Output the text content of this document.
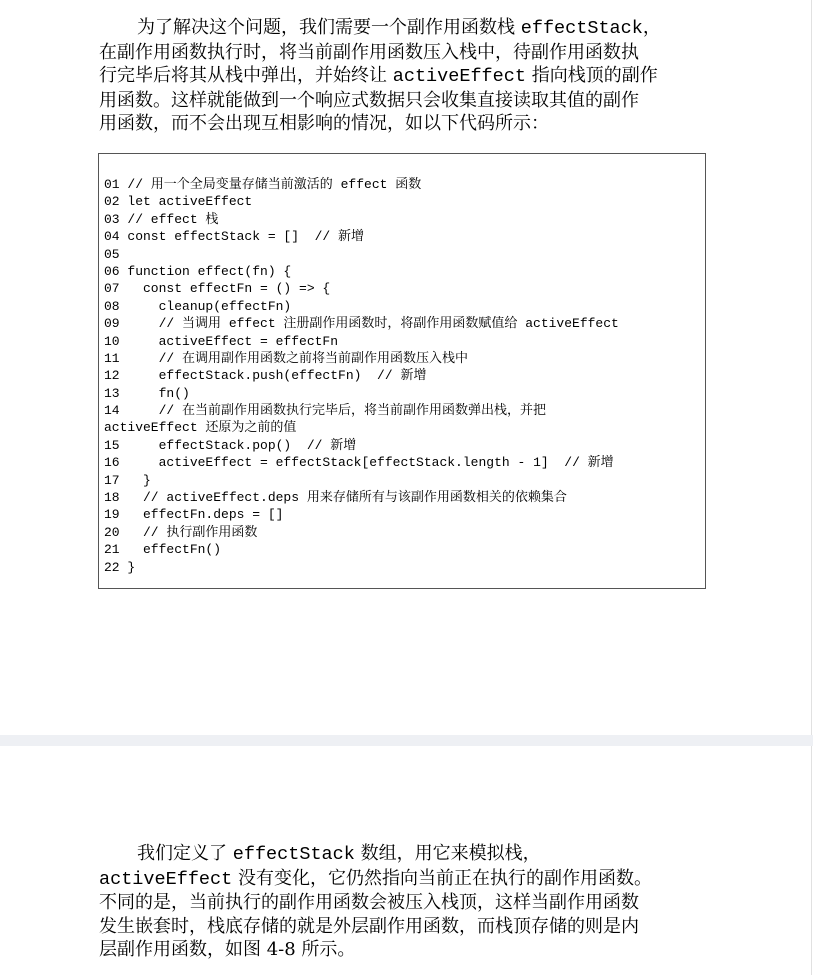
为了解决这个问题，我们需要一个副作用函数栈 effectStack，
在副作用函数执行时，将当前副作用函数压入栈中，待副作用函数执
行完毕后将其从栈中弹出，并始终让 activeEffect 指向栈顶的副作
用函数。这样就能做到一个响应式数据只会收集直接读取其值的副作
用函数，而不会出现互相影响的情况，如以下代码所示：
01 // 用一个全局变量存储当前激活的 effect 函数
02 let activeEffect
03 // effect 栈
04 const effectStack = []  // 新增
05
06 function effect(fn) {
07   const effectFn = () => {
08     cleanup(effectFn)
09     // 当调用 effect 注册副作用函数时，将副作用函数赋值给 activeEffect
10     activeEffect = effectFn
11     // 在调用副作用函数之前将当前副作用函数压入栈中
12     effectStack.push(effectFn)  // 新增
13     fn()
14     // 在当前副作用函数执行完毕后，将当前副作用函数弹出栈，并把
activeEffect 还原为之前的值
15     effectStack.pop()  // 新增
16     activeEffect = effectStack[effectStack.length - 1]  // 新增
17   }
18   // activeEffect.deps 用来存储所有与该副作用函数相关的依赖集合
19   effectFn.deps = []
20   // 执行副作用函数
21   effectFn()
22 }
我们定义了 effectStack 数组，用它来模拟栈，
activeEffect 没有变化，它仍然指向当前正在执行的副作用函数。
不同的是，当前执行的副作用函数会被压入栈顶，这样当副作用函数
发生嵌套时，栈底存储的就是外层副作用函数，而栈顶存储的则是内
层副作用函数，如图 4-8 所示。
